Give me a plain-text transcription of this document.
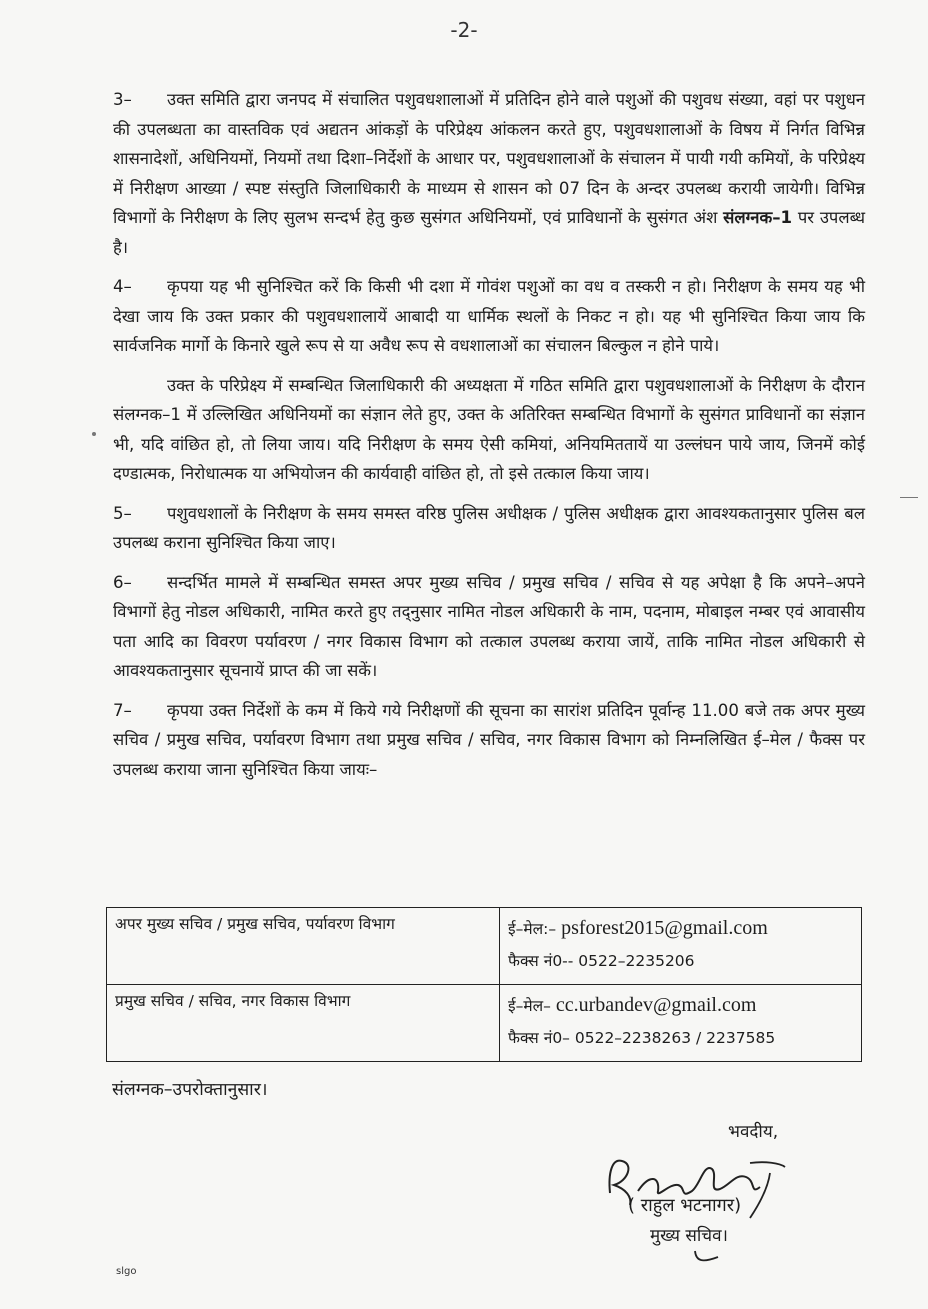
-2-

3– उक्त समिति द्वारा जनपद में संचालित पशुवधशालाओं में प्रतिदिन होने वाले पशुओं की पशुवध संख्या, वहां पर पशुधन की उपलब्धता का वास्तविक एवं अद्यतन आंकड़ों के परिप्रेक्ष्य आंकलन करते हुए, पशुवधशालाओं के विषय में निर्गत विभिन्न शासनादेशों, अधिनियमों, नियमों तथा दिशा–निर्देशों के आधार पर, पशुवधशालाओं के संचालन में पायी गयी कमियों, के परिप्रेक्ष्य में निरीक्षण आख्या / स्पष्ट संस्तुति जिलाधिकारी के माध्यम से शासन को 07 दिन के अन्दर उपलब्ध करायी जायेगी। विभिन्न विभागों के निरीक्षण के लिए सुलभ सन्दर्भ हेतु कुछ सुसंगत अधिनियमों, एवं प्राविधानों के सुसंगत अंश संलग्नक–1 पर उपलब्ध है।

4– कृपया यह भी सुनिश्चित करें कि किसी भी दशा में गोवंश पशुओं का वध व तस्करी न हो। निरीक्षण के समय यह भी देखा जाय कि उक्त प्रकार की पशुवधशालायें आबादी या धार्मिक स्थलों के निकट न हो। यह भी सुनिश्चित किया जाय कि सार्वजनिक मार्गो के किनारे खुले रूप से या अवैध रूप से वधशालाओं का संचालन बिल्कुल न होने पाये।

उक्त के परिप्रेक्ष्य में सम्बन्धित जिलाधिकारी की अध्यक्षता में गठित समिति द्वारा पशुवधशालाओं के निरीक्षण के दौरान संलग्नक–1 में उल्लिखित अधिनियमों का संज्ञान लेते हुए, उक्त के अतिरिक्त सम्बन्धित विभागों के सुसंगत प्राविधानों का संज्ञान भी, यदि वांछित हो, तो लिया जाय। यदि निरीक्षण के समय ऐसी कमियां, अनियमिततायें या उल्लंघन पाये जाय, जिनमें कोई दण्डात्मक, निरोधात्मक या अभियोजन की कार्यवाही वांछित हो, तो इसे तत्काल किया जाय।

5– पशुवधशालों के निरीक्षण के समय समस्त वरिष्ठ पुलिस अधीक्षक / पुलिस अधीक्षक द्वारा आवश्यकतानुसार पुलिस बल उपलब्ध कराना सुनिश्चित किया जाए।

6– सन्दर्भित मामले में सम्बन्धित समस्त अपर मुख्य सचिव / प्रमुख सचिव / सचिव से यह अपेक्षा है कि अपने–अपने विभागों हेतु नोडल अधिकारी, नामित करते हुए तद्नुसार नामित नोडल अधिकारी के नाम, पदनाम, मोबाइल नम्बर एवं आवासीय पता आदि का विवरण पर्यावरण / नगर विकास विभाग को तत्काल उपलब्ध कराया जायें, ताकि नामित नोडल अधिकारी से आवश्यकतानुसार सूचनायें प्राप्त की जा सकें।

7– कृपया उक्त निर्देशों के कम में किये गये निरीक्षणों की सूचना का सारांश प्रतिदिन पूर्वान्ह 11.00 बजे तक अपर मुख्य सचिव / प्रमुख सचिव, पर्यावरण विभाग तथा प्रमुख सचिव / सचिव, नगर विकास विभाग को निम्नलिखित ई–मेल / फैक्स पर उपलब्ध कराया जाना सुनिश्चित किया जायः–

अपर मुख्य सचिव / प्रमुख सचिव, पर्यावरण विभाग	ई–मेल:– psforest2015@gmail.com
फैक्स नं0-- 0522–2235206

प्रमुख सचिव / सचिव, नगर विकास विभाग	ई–मेल– cc.urbandev@gmail.com
फैक्स नं0– 0522–2238263 / 2237585
संलग्नक–उपरोक्तानुसार।
भवदीय,
( राहुल भटनागर)
मुख्य सचिव।
slgo
